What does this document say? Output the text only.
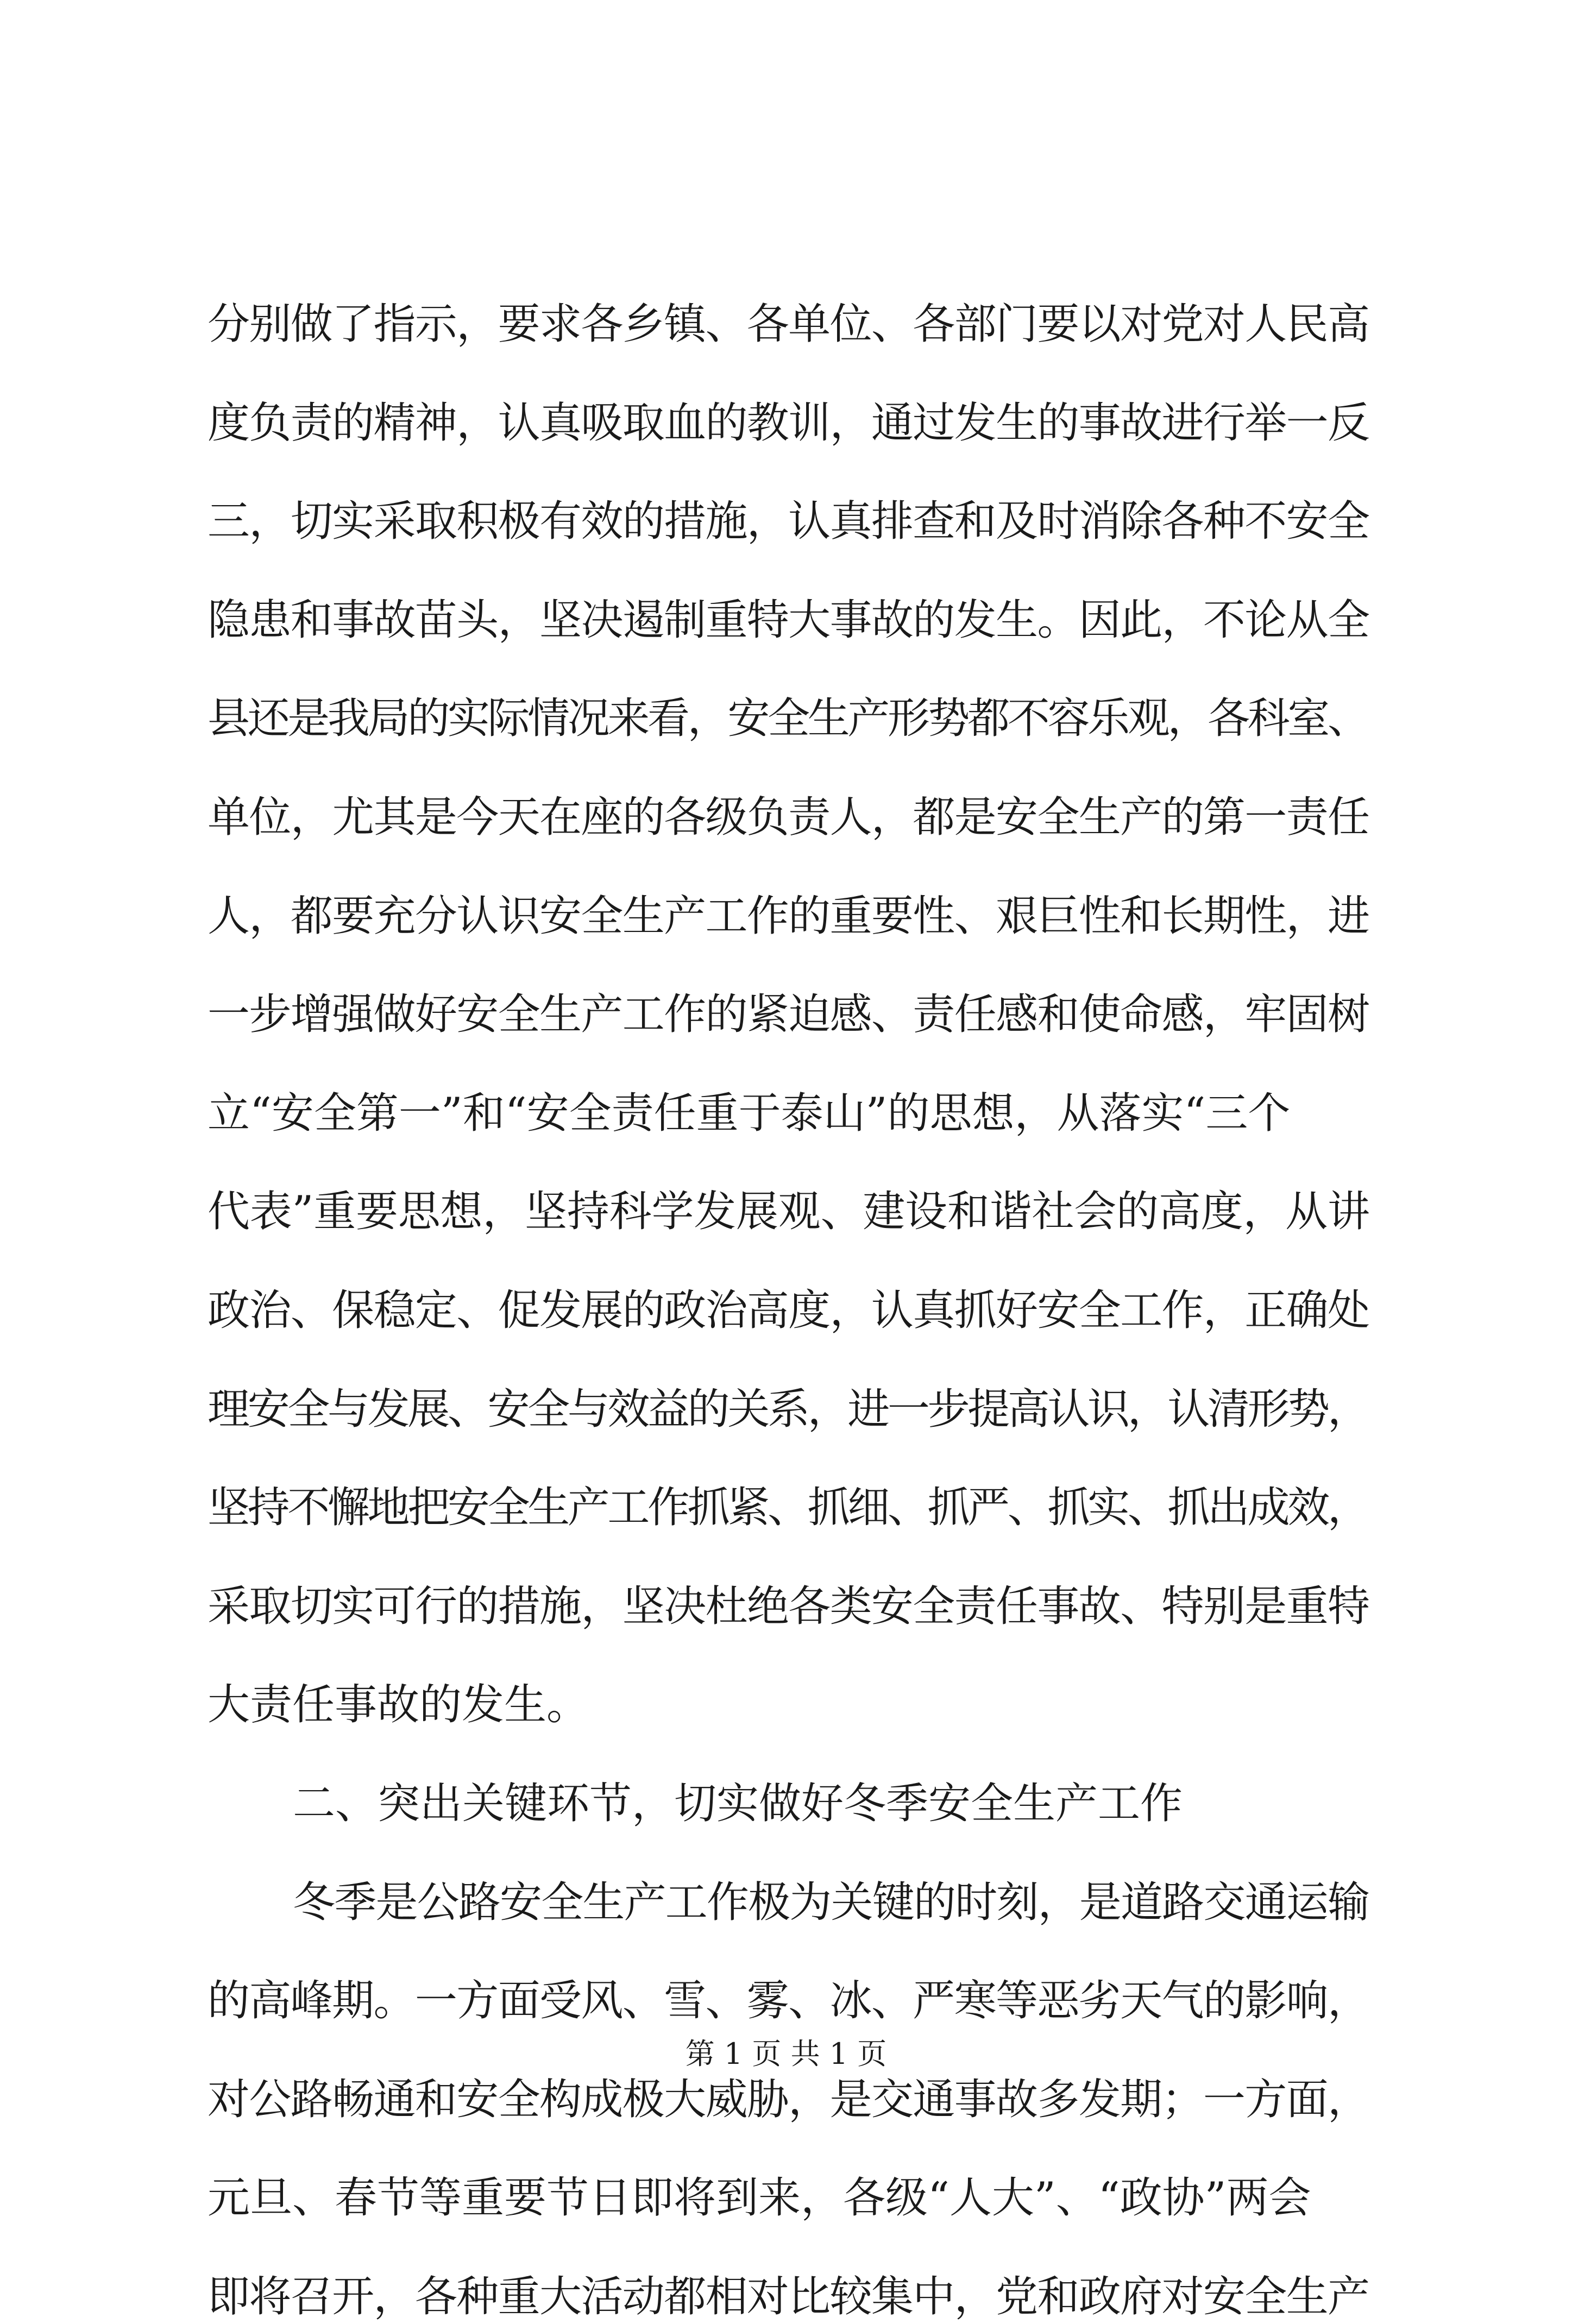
分别做了指示，要求各乡镇、各单位、各部门要以对党对人民高
度负责的精神，认真吸取血的教训，通过发生的事故进行举一反
三，切实采取积极有效的措施，认真排查和及时消除各种不安全
隐患和事故苗头，坚决遏制重特大事故的发生。因此，不论从全
县还是我局的实际情况来看，安全生产形势都不容乐观，各科室、
单位，尤其是今天在座的各级负责人，都是安全生产的第一责任
人，都要充分认识安全生产工作的重要性、艰巨性和长期性，进
一步增强做好安全生产工作的紧迫感、责任感和使命感，牢固树
立“安全第一”和“安全责任重于泰山”的思想，从落实“三个
代表”重要思想，坚持科学发展观、建设和谐社会的高度，从讲
政治、保稳定、促发展的政治高度，认真抓好安全工作，正确处
理安全与发展、安全与效益的关系，进一步提高认识，认清形势，
坚持不懈地把安全生产工作抓紧、抓细、抓严、抓实、抓出成效，
采取切实可行的措施，坚决杜绝各类安全责任事故、特别是重特
大责任事故的发生。
二、突出关键环节，切实做好冬季安全生产工作
冬季是公路安全生产工作极为关键的时刻，是道路交通运输
的高峰期。一方面受风、雪、雾、冰、严寒等恶劣天气的影响，
对公路畅通和安全构成极大威胁，是交通事故多发期；一方面，
元旦、春节等重要节日即将到来，各级“人大”、“政协”两会
即将召开，各种重大活动都相对比较集中，党和政府对安全生产
第 1 页 共 1 页
